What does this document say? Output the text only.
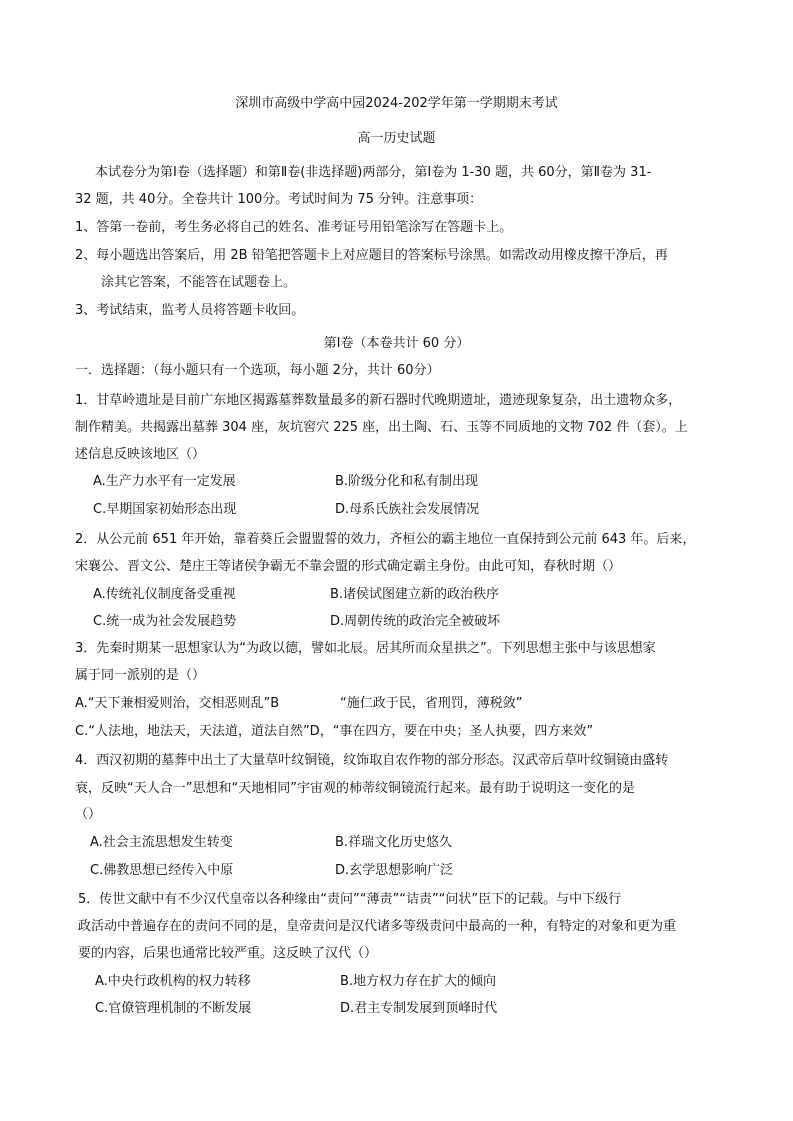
深圳市高级中学高中园2024-202学年第一学期期末考试
高一历史试题
本试卷分为第Ⅰ卷（选择题）和第Ⅱ卷(非选择题)两部分，第Ⅰ卷为 1-30 题，共 60分，第Ⅱ卷为 31-
32 题，共 40分。全卷共计 100分。考试时间为 75 分钟。注意事项：
1、答第一卷前，考生务必将自己的姓名、准考证号用铅笔涂写在答题卡上。
2、每小题选出答案后，用 2B 铅笔把答题卡上对应题目的答案标号涂黑。如需改动用橡皮擦干净后，再
涂其它答案，不能答在试题卷上。
3、考试结束，监考人员将答题卡收回。
第Ⅰ卷（本卷共计 60 分）
一．选择题：（每小题只有一个选项，每小题 2分，共计 60分）
1．甘草岭遗址是目前广东地区揭露墓葬数量最多的新石器时代晚期遗址，遗迹现象复杂，出土遗物众多，
制作精美。共揭露出墓葬 304 座，灰坑窖穴 225 座，出土陶、石、玉等不同质地的文物 702 件（套）。上
述信息反映该地区（）
A.生产力水平有一定发展	B.阶级分化和私有制出现
C.早期国家初始形态出现	D.母系氏族社会发展情况
2．从公元前 651 年开始，靠着葵丘会盟盟誓的效力，齐桓公的霸主地位一直保持到公元前 643 年。后来，
宋襄公、晋文公、楚庄王等诸侯争霸无不靠会盟的形式确定霸主身份。由此可知，春秋时期（）
A.传统礼仪制度备受重视	B.诸侯试图建立新的政治秩序
C.统一成为社会发展趋势	D.周朝传统的政治完全被破坏
3．先秦时期某一思想家认为“为政以德，譬如北辰。居其所而众星拱之”。下列思想主张中与该思想家
属于同一派别的是（）
A.“天下兼相爱则治，交相恶则乱”B	“施仁政于民，省刑罚，薄税敛”
C.“人法地，地法天，天法道，道法自然”D，“事在四方，要在中央；圣人执要，四方来效”
4．西汉初期的墓葬中出土了大量草叶纹铜镜，纹饰取自农作物的部分形态。汉武帝后草叶纹铜镜由盛转
衰，反映“天人合一”思想和“天地相同”宇宙观的柿蒂纹铜镜流行起来。最有助于说明这一变化的是
（）
A.社会主流思想发生转变	B.祥瑞文化历史悠久
C.佛教思想已经传入中原	D.玄学思想影响广泛
5．传世文献中有不少汉代皇帝以各种缘由“责问”“薄责”“诘责”“问状”臣下的记载。与中下级行
政活动中普遍存在的责问不同的是，皇帝责问是汉代诸多等级责问中最高的一种，有特定的对象和更为重
要的内容，后果也通常比较严重。这反映了汉代（）
A.中央行政机构的权力转移	B.地方权力存在扩大的倾向
C.官僚管理机制的不断发展	D.君主专制发展到顶峰时代
